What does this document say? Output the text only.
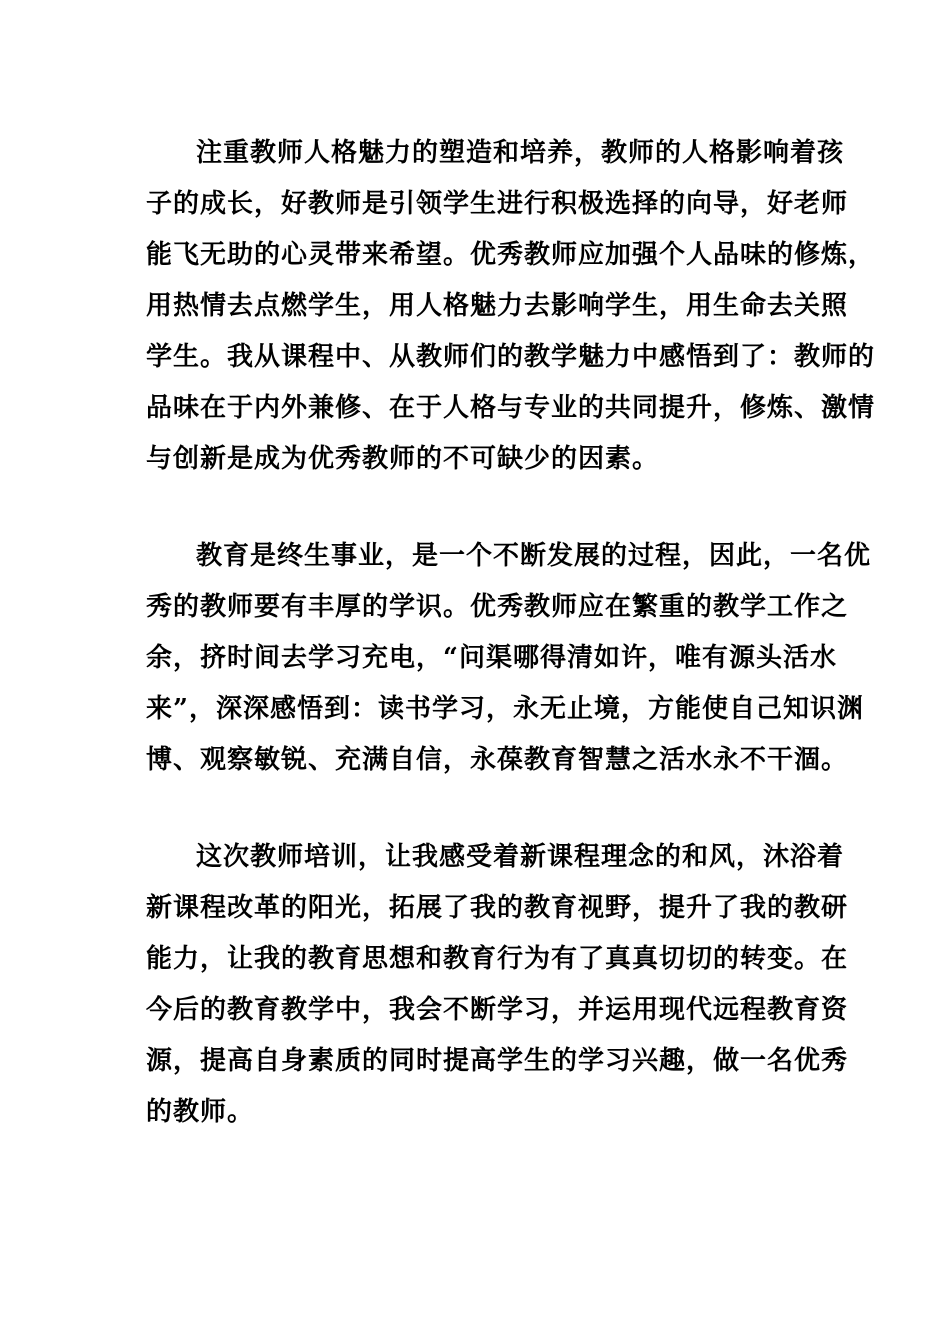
注重教师人格魅力的塑造和培养，教师的人格影响着孩
子的成长，好教师是引领学生进行积极选择的向导，好老师
能飞无助的心灵带来希望。优秀教师应加强个人品味的修炼，
用热情去点燃学生，用人格魅力去影响学生，用生命去关照
学生。我从课程中、从教师们的教学魅力中感悟到了：教师的
品味在于内外兼修、在于人格与专业的共同提升，修炼、激情
与创新是成为优秀教师的不可缺少的因素。
教育是终生事业，是一个不断发展的过程，因此，一名优
秀的教师要有丰厚的学识。优秀教师应在繁重的教学工作之
余，挤时间去学习充电，“问渠哪得清如许，唯有源头活水
来”，深深感悟到：读书学习，永无止境，方能使自己知识渊
博、观察敏锐、充满自信，永葆教育智慧之活水永不干涸。
这次教师培训，让我感受着新课程理念的和风，沐浴着
新课程改革的阳光，拓展了我的教育视野，提升了我的教研
能力，让我的教育思想和教育行为有了真真切切的转变。在
今后的教育教学中，我会不断学习，并运用现代远程教育资
源，提高自身素质的同时提高学生的学习兴趣，做一名优秀
的教师。
